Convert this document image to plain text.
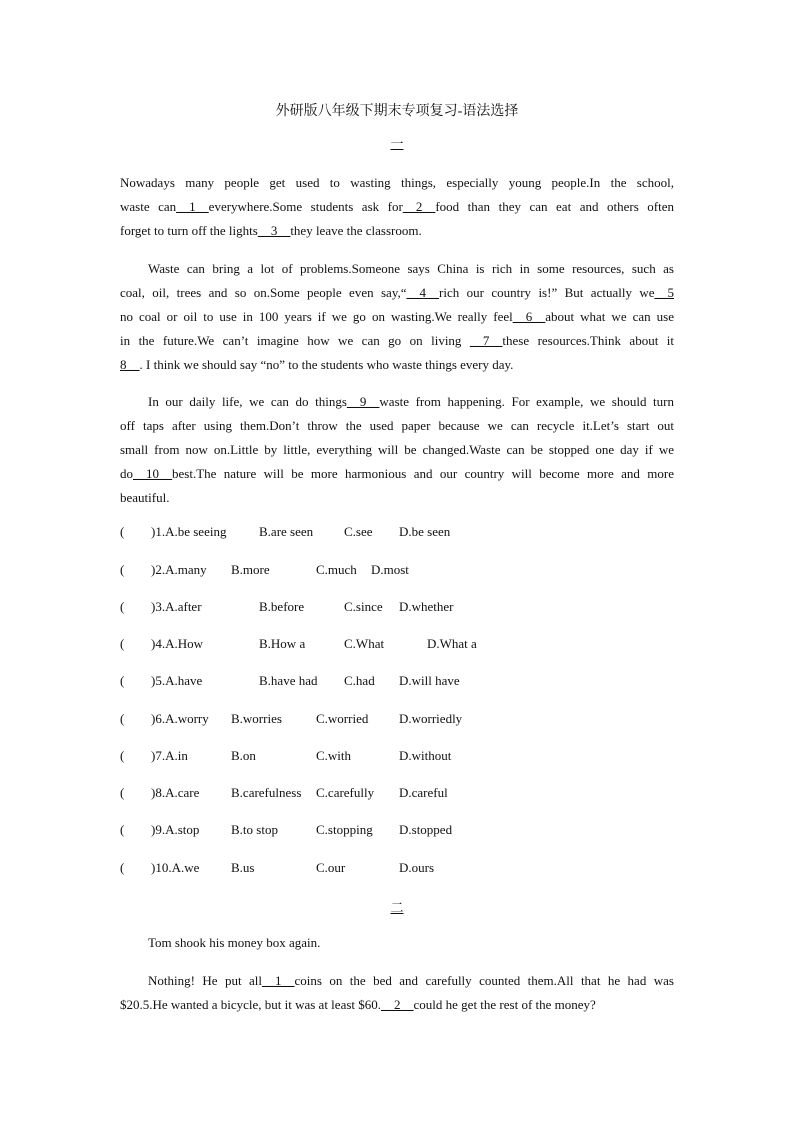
外研版八年级下期末专项复习-语法选择
一
Nowadays many people get used to wasting things, especially young people.In the school,
waste can__1__everywhere.Some students ask for__2__food than they can eat and others often
forget to turn off the lights__3__they leave the classroom.
Waste can bring a lot of problems.Someone says China is rich in some resources, such as
coal, oil, trees and so on.Some people even say,“__4__rich our country is!” But actually we__5
no coal or oil to use in 100 years if we go on wasting.We really feel__6__about what we can use
in the future.We can’t imagine how we can go on living __7__these resources.Think about it
8__. I think we should say “no” to the students who waste things every day.
In our daily life, we can do things__9__waste from happening. For example, we should turn
off taps after using them.Don’t throw the used paper because we can recycle it.Let’s start out
small from now on.Little by little, everything will be changed.Waste can be stopped one day if we
do__10__best.The nature will be more harmonious and our country will become more and more
beautiful.
( )1.A.be seeing	B.are seen C.see D.be seen
( )2.A.many B.more	C.much D.most
( )3.A.after	B.before	C.since D.whether
( )4.A.How	B.How a	C.What	D.What a
( )5.A.have	B.have had C.had D.will have
( )6.A.worry B.worries	C.worried D.worriedly
( )7.A.in	B.on	C.with	D.without
( )8.A.care B.carefulness C.carefully D.careful
( )9.A.stop B.to stop	C.stopping D.stopped
( )10.A.we B.us	C.our	D.ours
二
Tom shook his money box again.
Nothing! He put all__1__coins on the bed and carefully counted them.All that he had was
$20.5.He wanted a bicycle, but it was at least $60.__2__could he get the rest of the money?
